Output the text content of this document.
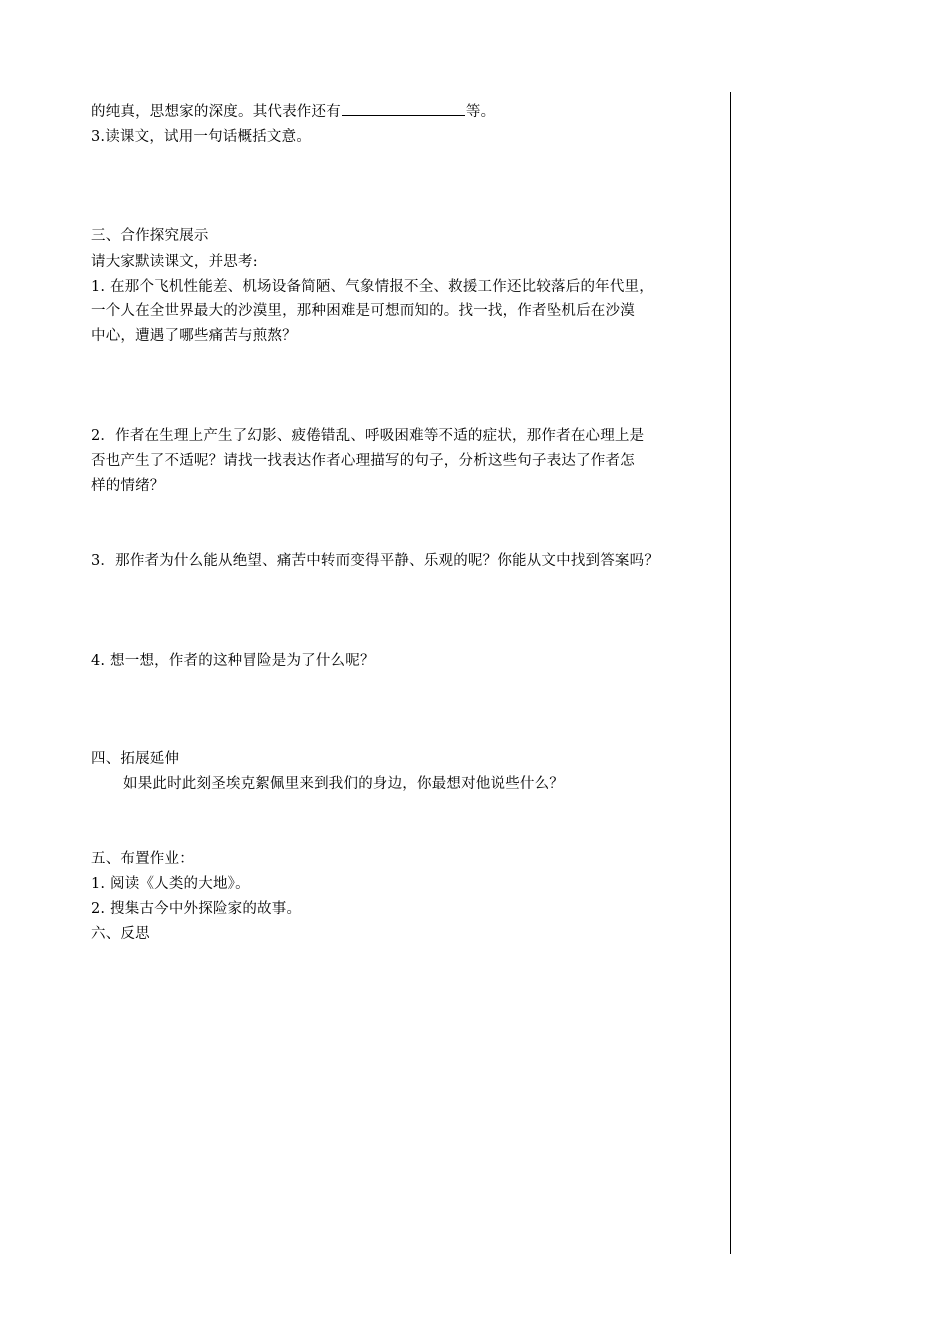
的纯真，思想家的深度。其代表作还有	等。
3.读课文，试用一句话概括文意。
三、合作探究展示
请大家默读课文，并思考:
1. 在那个飞机性能差、机场设备简陋、气象情报不全、救援工作还比较落后的年代里，
一个人在全世界最大的沙漠里，那种困难是可想而知的。找一找，作者坠机后在沙漠
中心，遭遇了哪些痛苦与煎熬？
2．作者在生理上产生了幻影、疲倦错乱、呼吸困难等不适的症状，那作者在心理上是
否也产生了不适呢？请找一找表达作者心理描写的句子，分析这些句子表达了作者怎
样的情绪？
3．那作者为什么能从绝望、痛苦中转而变得平静、乐观的呢？你能从文中找到答案吗？
4. 想一想，作者的这种冒险是为了什么呢？
四、拓展延伸
如果此时此刻圣埃克絮佩里来到我们的身边，你最想对他说些什么？
五、布置作业：
1. 阅读《人类的大地》。
2. 搜集古今中外探险家的故事。
六、反思
